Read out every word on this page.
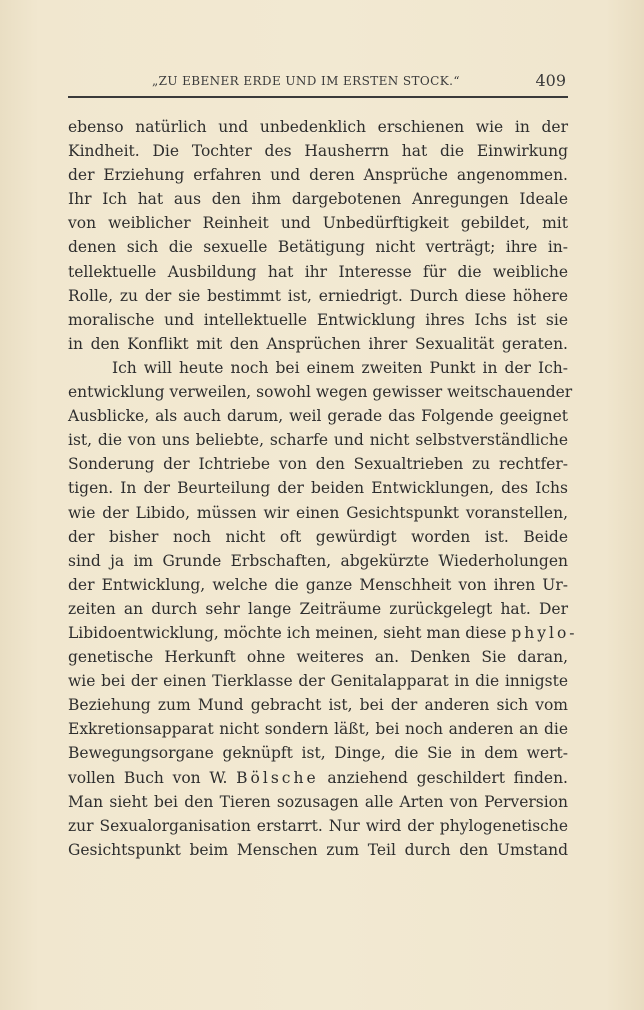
„ZU EBENER ERDE UND IM ERSTEN STOCK.“	409
ebenso natürlich und unbedenklich erschienen wie in der
Kindheit. Die Tochter des Hausherrn hat die Einwirkung
der Erziehung erfahren und deren Ansprüche angenommen.
Ihr Ich hat aus den ihm dargebotenen Anregungen Ideale
von weiblicher Reinheit und Unbedürftigkeit gebildet, mit
denen sich die sexuelle Betätigung nicht verträgt; ihre in-
tellektuelle Ausbildung hat ihr Interesse für die weibliche
Rolle, zu der sie bestimmt ist, erniedrigt. Durch diese höhere
moralische und intellektuelle Entwicklung ihres Ichs ist sie
in den Konflikt mit den Ansprüchen ihrer Sexualität geraten.
Ich will heute noch bei einem zweiten Punkt in der Ich-
entwicklung verweilen, sowohl wegen gewisser weitschauender
Ausblicke, als auch darum, weil gerade das Folgende geeignet
ist, die von uns beliebte, scharfe und nicht selbstverständliche
Sonderung der Ichtriebe von den Sexualtrieben zu rechtfer-
tigen. In der Beurteilung der beiden Entwicklungen, des Ichs
wie der Libido, müssen wir einen Gesichtspunkt voranstellen,
der bisher noch nicht oft gewürdigt worden ist. Beide
sind ja im Grunde Erbschaften, abgekürzte Wiederholungen
der Entwicklung, welche die ganze Menschheit von ihren Ur-
zeiten an durch sehr lange Zeiträume zurückgelegt hat. Der
Libidoentwicklung, möchte ich meinen, sieht man diese phylo-
genetische Herkunft ohne weiteres an. Denken Sie daran,
wie bei der einen Tierklasse der Genitalapparat in die innigste
Beziehung zum Mund gebracht ist, bei der anderen sich vom
Exkretionsapparat nicht sondern läßt, bei noch anderen an die
Bewegungsorgane geknüpft ist, Dinge, die Sie in dem wert-
vollen Buch von W. Bölsche anziehend geschildert finden.
Man sieht bei den Tieren sozusagen alle Arten von Perversion
zur Sexualorganisation erstarrt. Nur wird der phylogenetische
Gesichtspunkt beim Menschen zum Teil durch den Umstand
